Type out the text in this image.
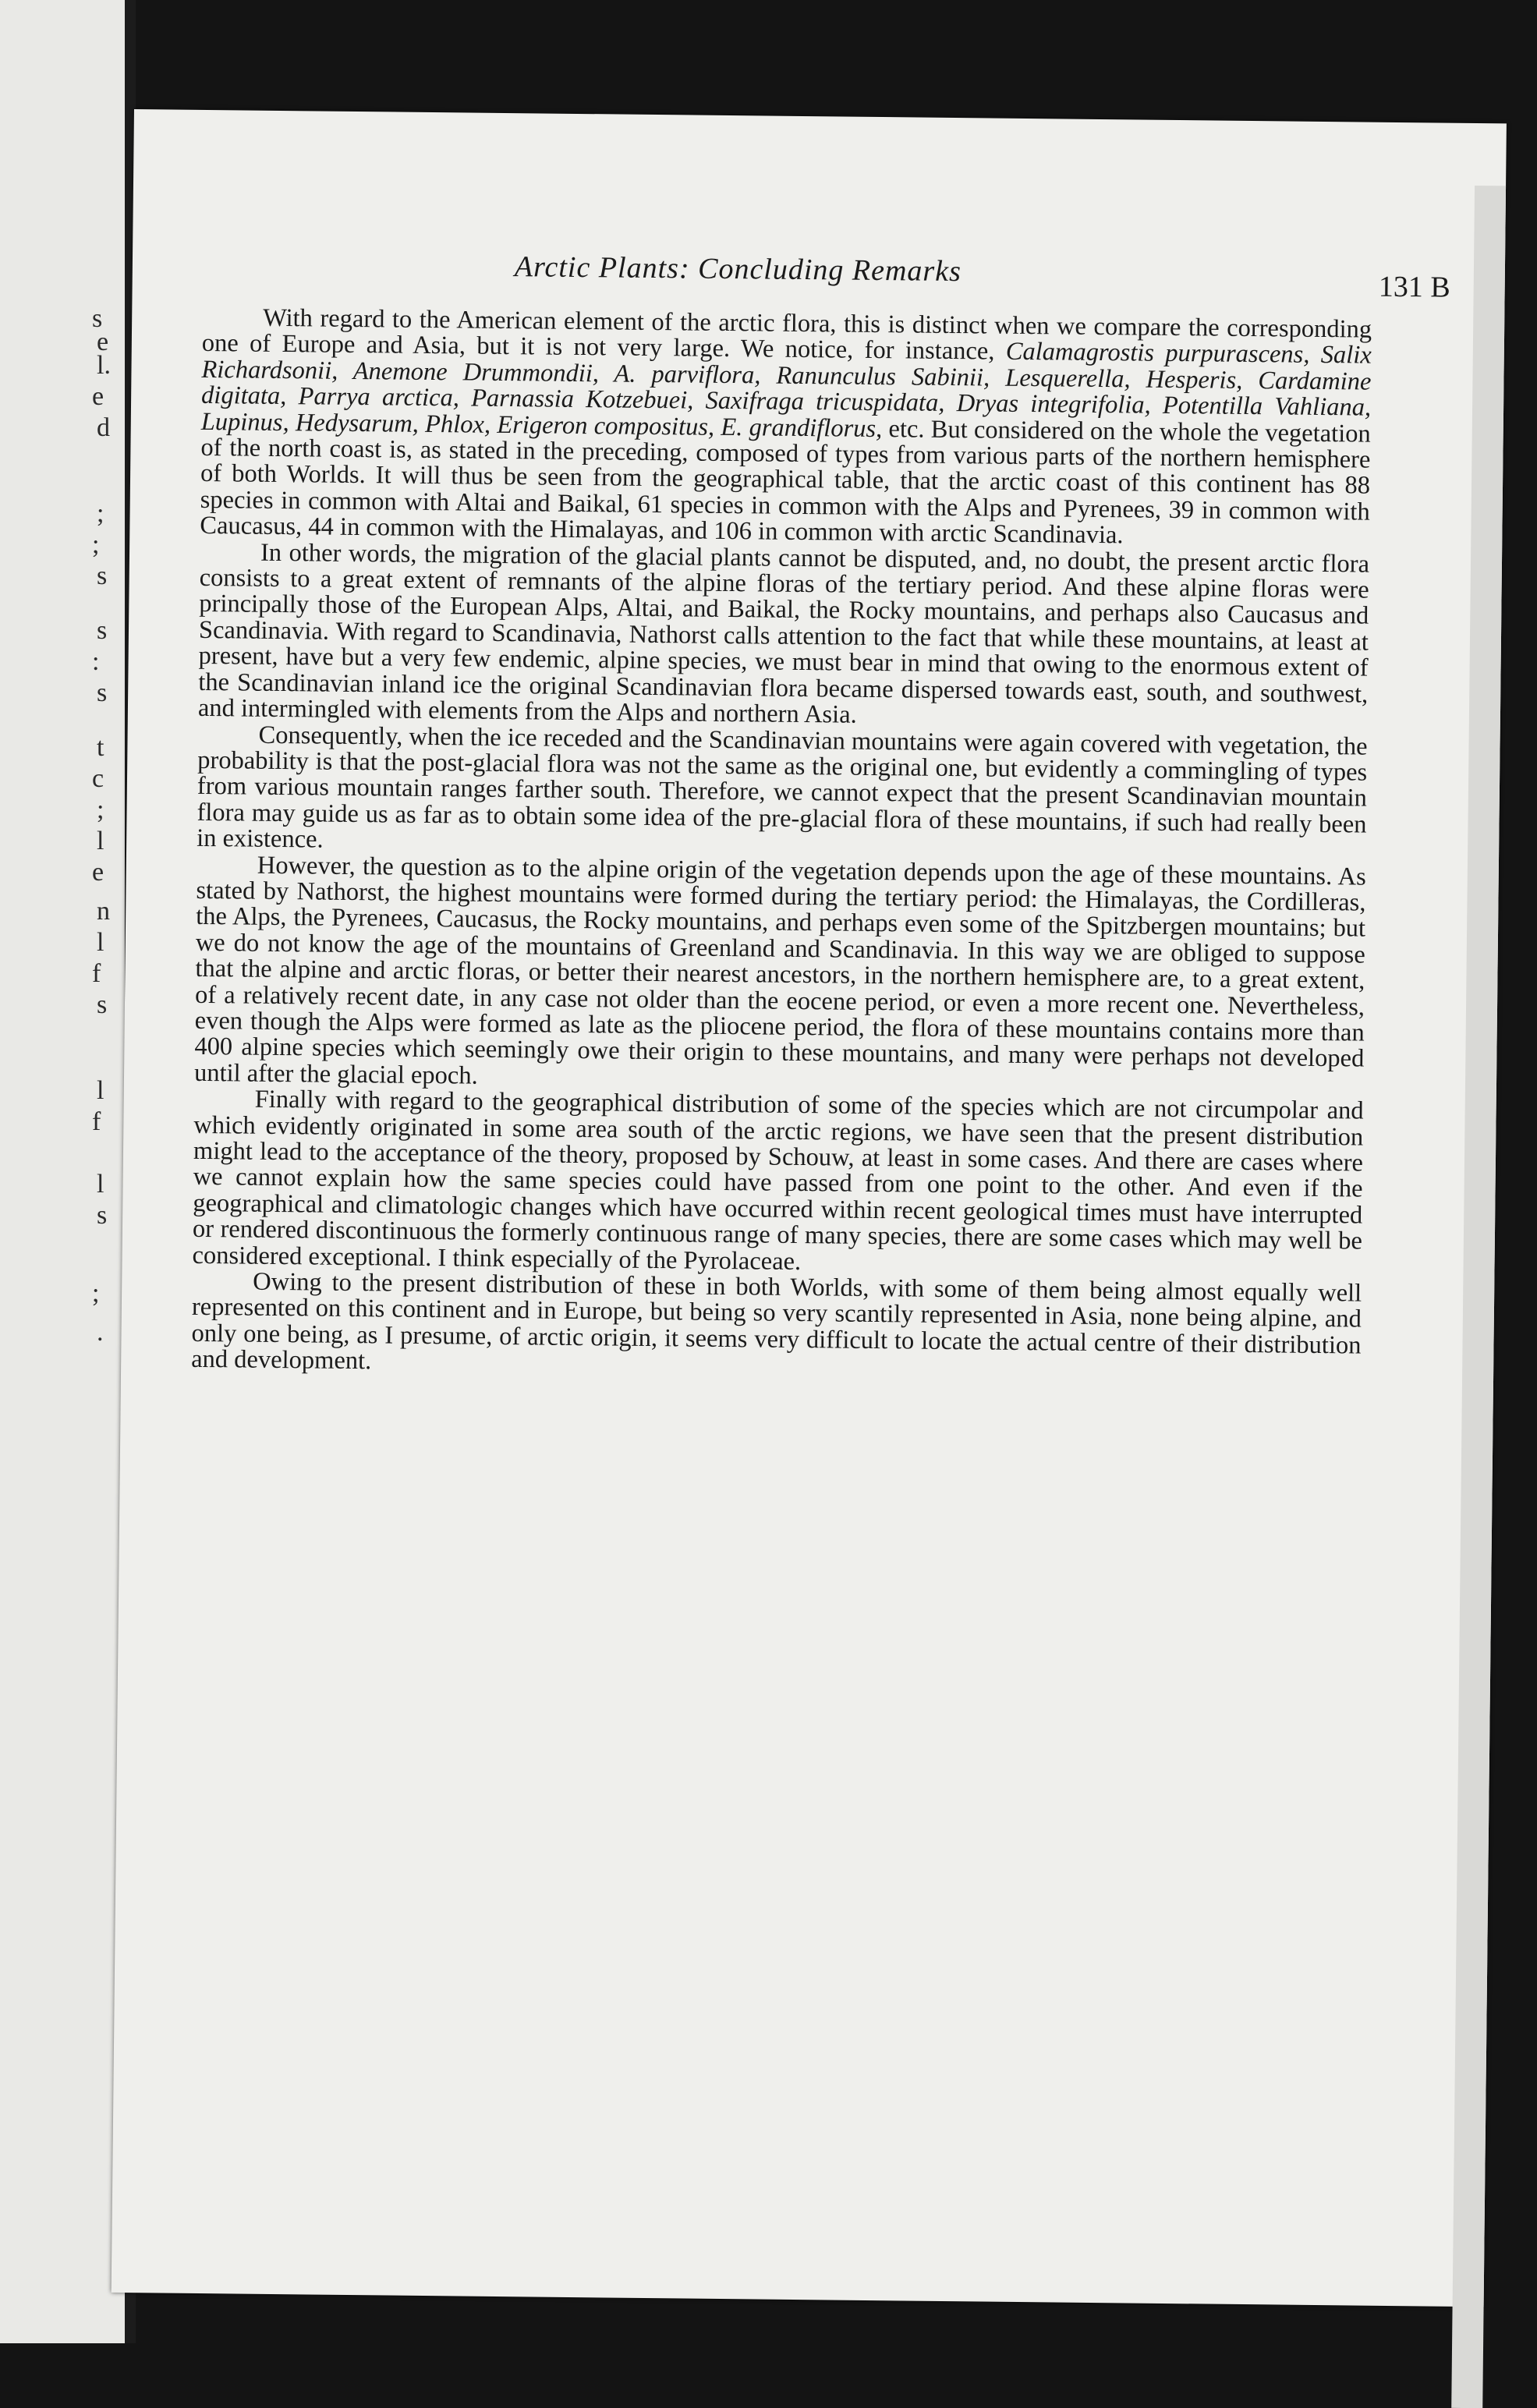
s
e
l.
e
d
;
;
s
s
:
s
t
c
;
l
e
n
l
f
s
l
f
l
s
;
.
Arctic Plants: Concluding Remarks	131 B

With regard to the American element of the arctic flora, this is distinct when we compare the corresponding one of Europe and Asia, but it is not very large. We notice, for instance, Calamagrostis purpurascens, Salix Richardsonii, Anemone Drummondii, A. parviflora, Ranunculus Sabinii, Lesquerella, Hesperis, Cardamine digitata, Parrya arctica, Parnassia Kotzebuei, Saxifraga tricuspidata, Dryas integrifolia, Potentilla Vahliana, Lupinus, Hedysarum, Phlox, Erigeron compositus, E. grandiflorus, etc. But considered on the whole the vegetation of the north coast is, as stated in the preceding, composed of types from various parts of the northern hemisphere of both Worlds. It will thus be seen from the geographical table, that the arctic coast of this continent has 88 species in common with Altai and Baikal, 61 species in common with the Alps and Pyrenees, 39 in common with Caucasus, 44 in common with the Himalayas, and 106 in common with arctic Scandinavia.

In other words, the migration of the glacial plants cannot be disputed, and, no doubt, the present arctic flora consists to a great extent of remnants of the alpine floras of the tertiary period. And these alpine floras were principally those of the European Alps, Altai, and Baikal, the Rocky mountains, and perhaps also Caucasus and Scandinavia. With regard to Scandinavia, Nathorst calls attention to the fact that while these mountains, at least at present, have but a very few endemic, alpine species, we must bear in mind that owing to the enormous extent of the Scandinavian inland ice the original Scandinavian flora became dispersed towards east, south, and southwest, and intermingled with elements from the Alps and northern Asia.

Consequently, when the ice receded and the Scandinavian mountains were again covered with vegetation, the probability is that the post-glacial flora was not the same as the original one, but evidently a commingling of types from various mountain ranges farther south. Therefore, we cannot expect that the present Scandinavian mountain flora may guide us as far as to obtain some idea of the pre-glacial flora of these mountains, if such had really been in existence.

However, the question as to the alpine origin of the vegetation depends upon the age of these mountains. As stated by Nathorst, the highest mountains were formed during the tertiary period: the Himalayas, the Cordilleras, the Alps, the Pyrenees, Caucasus, the Rocky mountains, and perhaps even some of the Spitzbergen mountains; but we do not know the age of the mountains of Greenland and Scandinavia. In this way we are obliged to suppose that the alpine and arctic floras, or better their nearest ancestors, in the northern hemisphere are, to a great extent, of a relatively recent date, in any case not older than the eocene period, or even a more recent one. Nevertheless, even though the Alps were formed as late as the pliocene period, the flora of these mountains contains more than 400 alpine species which seemingly owe their origin to these mountains, and many were perhaps not developed until after the glacial epoch.

Finally with regard to the geographical distribution of some of the species which are not circumpolar and which evidently originated in some area south of the arctic regions, we have seen that the present distribution might lead to the acceptance of the theory, proposed by Schouw, at least in some cases. And there are cases where we cannot explain how the same species could have passed from one point to the other. And even if the geographical and climatologic changes which have occurred within recent geological times must have interrupted or rendered discontinuous the formerly continuous range of many species, there are some cases which may well be considered exceptional. I think especially of the Pyrolaceae.

Owing to the present distribution of these in both Worlds, with some of them being almost equally well represented on this continent and in Europe, but being so very scantily represented in Asia, none being alpine, and only one being, as I presume, of arctic origin, it seems very difficult to locate the actual centre of their distribution and development.
